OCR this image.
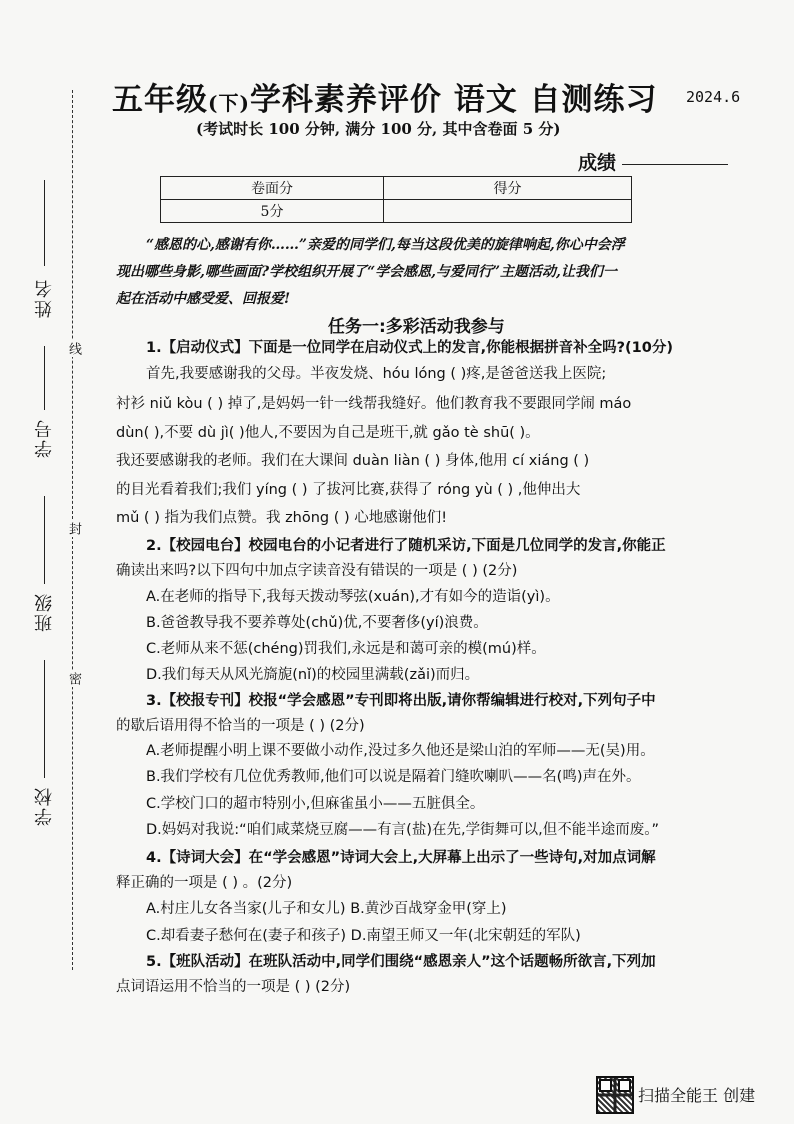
线
封
密
姓名
学号
班级
学校
五年级(下)学科素养评价 语文 自测练习 2024.6
(考试时长 100 分钟, 满分 100 分, 其中含卷面 5 分)
成绩
卷面分	得分
5分	
“感恩的心,感谢有你……”亲爱的同学们,每当这段优美的旋律响起,你心中会浮
现出哪些身影,哪些画面?学校组织开展了“学会感恩,与爱同行”主题活动,让我们一
起在活动中感受爱、回报爱!
任务一:多彩活动我参与
1.【启动仪式】下面是一位同学在启动仪式上的发言,你能根据拼音补全吗?(10分)
首先,我要感谢我的父母。半夜发烧、hóu lóng ( )疼,是爸爸送我上医院;
衬衫 niǔ kòu ( ) 掉了,是妈妈一针一线帮我缝好。他们教育我不要跟同学闹 máo
dùn( ),不要 dù jì( )他人,不要因为自己是班干,就 gǎo tè shū( )。
我还要感谢我的老师。我们在大课间 duàn liàn ( ) 身体,他用 cí xiáng ( )
的目光看着我们;我们 yíng ( ) 了拔河比赛,获得了 róng yù ( ) ,他伸出大
mǔ ( ) 指为我们点赞。我 zhōng ( ) 心地感谢他们!
2.【校园电台】校园电台的小记者进行了随机采访,下面是几位同学的发言,你能正
确读出来吗?以下四句中加点字读音没有错误的一项是 ( ) (2分)
A.在老师的指导下,我每天拨动琴弦(xuán),才有如今的造诣(yì)。
B.爸爸教导我不要养尊处(chǔ)优,不要奢侈(yí)浪费。
C.老师从来不惩(chéng)罚我们,永远是和蔼可亲的模(mú)样。
D.我们每天从风光旖旎(nǐ)的校园里满载(zǎi)而归。
3.【校报专刊】校报“学会感恩”专刊即将出版,请你帮编辑进行校对,下列句子中
的歇后语用得不恰当的一项是 ( ) (2分)
A.老师提醒小明上课不要做小动作,没过多久他还是梁山泊的军师——无(吴)用。
B.我们学校有几位优秀教师,他们可以说是隔着门缝吹喇叭——名(鸣)声在外。
C.学校门口的超市特别小,但麻雀虽小——五脏俱全。
D.妈妈对我说:“咱们咸菜烧豆腐——有言(盐)在先,学街舞可以,但不能半途而废。”
4.【诗词大会】在“学会感恩”诗词大会上,大屏幕上出示了一些诗句,对加点词解
释正确的一项是 ( ) 。(2分)
A.村庄儿女各当家(儿子和女儿) B.黄沙百战穿金甲(穿上)
C.却看妻子愁何在(妻子和孩子) D.南望王师又一年(北宋朝廷的军队)
5.【班队活动】在班队活动中,同学们围绕“感恩亲人”这个话题畅所欲言,下列加
点词语运用不恰当的一项是 ( ) (2分)
扫描全能王 创建
